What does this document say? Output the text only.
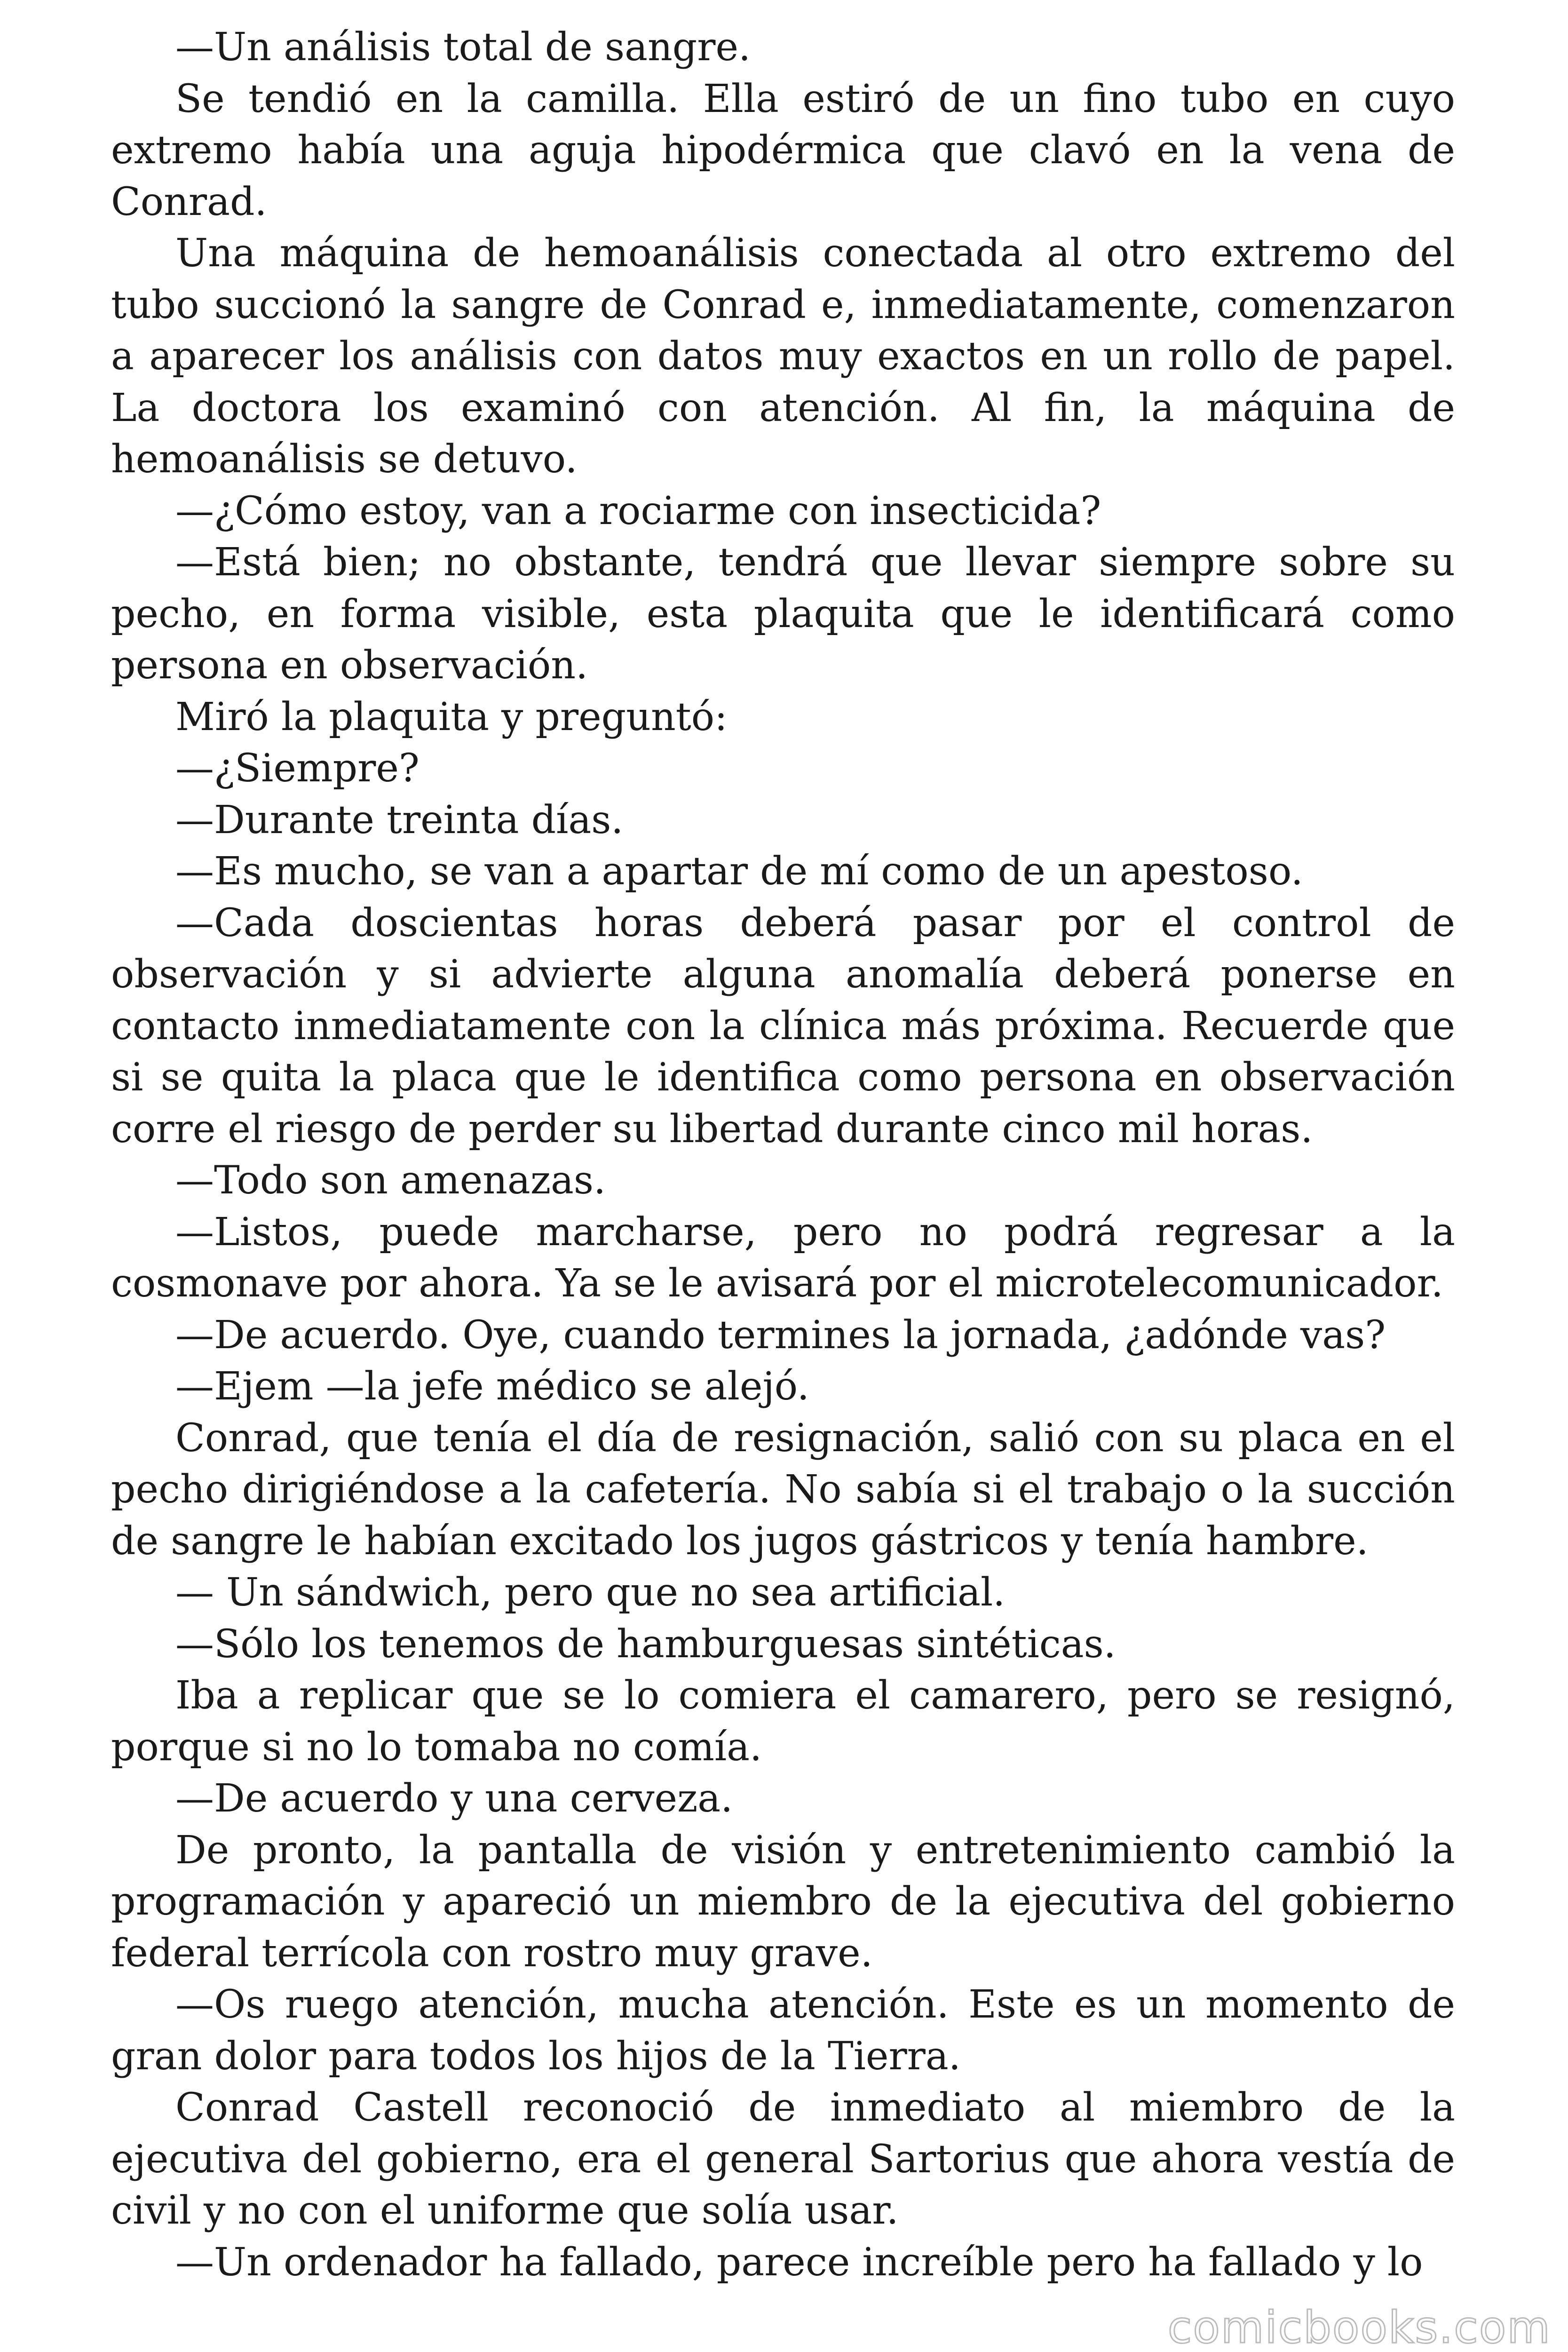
—Un análisis total de sangre.

Se tendió en la camilla. Ella estiró de un fino tubo en cuyo extremo había una aguja hipodérmica que clavó en la vena de Conrad.

Una máquina de hemoanálisis conectada al otro extremo del tubo succionó la sangre de Conrad e, inmediatamente, comenzaron a aparecer los análisis con datos muy exactos en un rollo de papel. La doctora los examinó con atención. Al fin, la máquina de hemoanálisis se detuvo.

—¿Cómo estoy, van a rociarme con insecticida?

—Está bien; no obstante, tendrá que llevar siempre sobre su pecho, en forma visible, esta plaquita que le identificará como persona en observación.

Miró la plaquita y preguntó:

—¿Siempre?

—Durante treinta días.

—Es mucho, se van a apartar de mí como de un apestoso.

—Cada doscientas horas deberá pasar por el control de observación y si advierte alguna anomalía deberá ponerse en contacto inmediatamente con la clínica más próxima. Recuerde que si se quita la placa que le identifica como persona en observación corre el riesgo de perder su libertad durante cinco mil horas.

—Todo son amenazas.

—Listos, puede marcharse, pero no podrá regresar a la cosmonave por ahora. Ya se le avisará por el microtelecomunicador.

—De acuerdo. Oye, cuando termines la jornada, ¿adónde vas?

—Ejem —la jefe médico se alejó.

Conrad, que tenía el día de resignación, salió con su placa en el pecho dirigiéndose a la cafetería. No sabía si el trabajo o la succión de sangre le habían excitado los jugos gástricos y tenía hambre.

— Un sándwich, pero que no sea artificial.

—Sólo los tenemos de hamburguesas sintéticas.

Iba a replicar que se lo comiera el camarero, pero se resignó, porque si no lo tomaba no comía.

—De acuerdo y una cerveza.

De pronto, la pantalla de visión y entretenimiento cambió la programación y apareció un miembro de la ejecutiva del gobierno federal terrícola con rostro muy grave.

—Os ruego atención, mucha atención. Este es un momento de gran dolor para todos los hijos de la Tierra.

Conrad Castell reconoció de inmediato al miembro de la ejecutiva del gobierno, era el general Sartorius que ahora vestía de civil y no con el uniforme que solía usar.

—Un ordenador ha fallado, parece increíble pero ha fallado y lo

comicbooks.com
